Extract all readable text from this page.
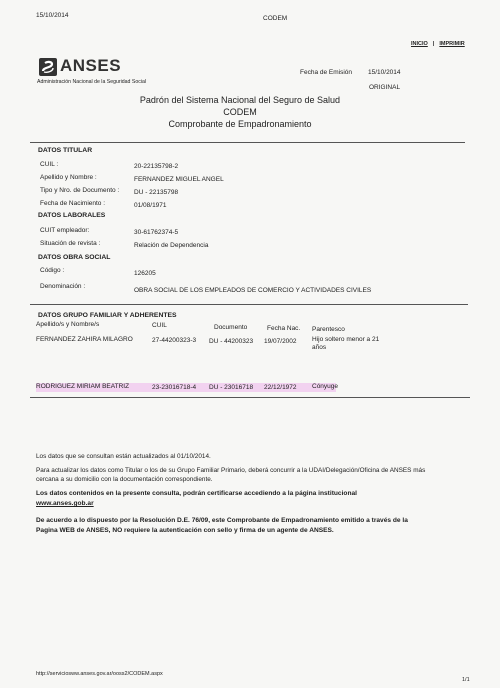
15/10/2014	CODEM
INICIO | IMPRIMIR
ANSES
Administración Nacional de la Seguridad Social
Fecha de Emisión 15/10/2014
ORIGINAL
Padrón del Sistema Nacional del Seguro de Salud
CODEM
Comprobante de Empadronamiento
DATOS TITULAR
CUIL :	20-22135798-2
Apellido y Nombre :	FERNANDEZ MIGUEL ANGEL
Tipo y Nro. de Documento : DU - 22135798
Fecha de Nacimiento :	01/08/1971
DATOS LABORALES
CUIT empleador:	30-61762374-5
Situación de revista :	Relación de Dependencia
DATOS OBRA SOCIAL
Código :	126205
Denominación :
OBRA SOCIAL DE LOS EMPLEADOS DE COMERCIO Y ACTIVIDADES CIVILES
DATOS GRUPO FAMILIAR Y ADHERENTES
Apellido/s y Nombre/s	CUIL	Documento	Fecha Nac. Parentesco
FERNANDEZ ZAHIRA MILAGRO	27-44200323-3 DU - 44200323 19/07/2002 Hijo soltero menor a 21
años
RODRIGUEZ MIRIAM BEATRIZ	23-23016718-4 DU - 23016718 22/12/1972 Cónyuge
Los datos que se consultan están actualizados al 01/10/2014.
Para actualizar los datos como Titular o los de su Grupo Familiar Primario, deberá concurrir a la UDAI/Delegación/Oficina de ANSES más
cercana a su domicilio con la documentación correspondiente.
Los datos contenidos en la presente consulta, podrán certificarse accediendo a la página institucional
www.anses.gob.ar
De acuerdo a lo dispuesto por la Resolución D.E. 76/09, este Comprobante de Empadronamiento emitido a través de la
Pagina WEB de ANSES, NO requiere la autenticación con sello y firma de un agente de ANSES.
http://serviciosww.anses.gov.ar/ooss2/CODEM.aspx
1/1
